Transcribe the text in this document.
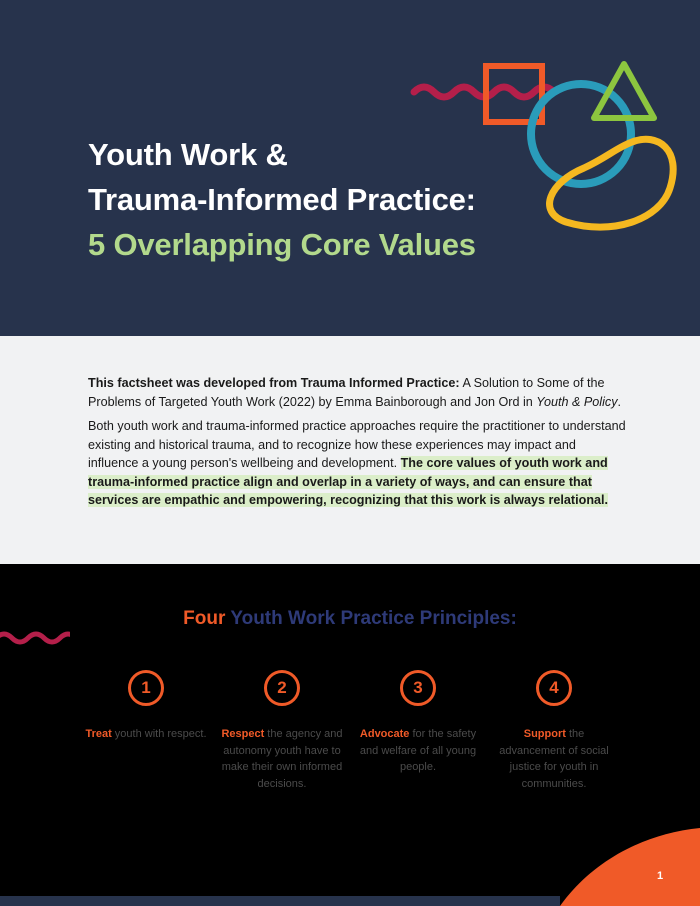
Youth Work &
Trauma-Informed Practice:
5 Overlapping Core Values

This factsheet was developed from Trauma Informed Practice: A Solution to Some of the Problems of Targeted Youth Work (2022) by Emma Bainborough and Jon Ord in Youth & Policy.

Both youth work and trauma-informed practice approaches require the practitioner to understand existing and historical trauma, and to recognize how these experiences may impact and influence a young person's wellbeing and development. The core values of youth work and trauma-informed practice align and overlap in a variety of ways, and can ensure that services are empathic and empowering, recognizing that this work is always relational.

Four Youth Work Practice Principles:
1
Treat youth with respect.
2
Respect the agency and autonomy youth have to make their own informed decisions.
3
Advocate for the safety and welfare of all young people.
4
Support the advancement of social justice for youth in communities.
1
